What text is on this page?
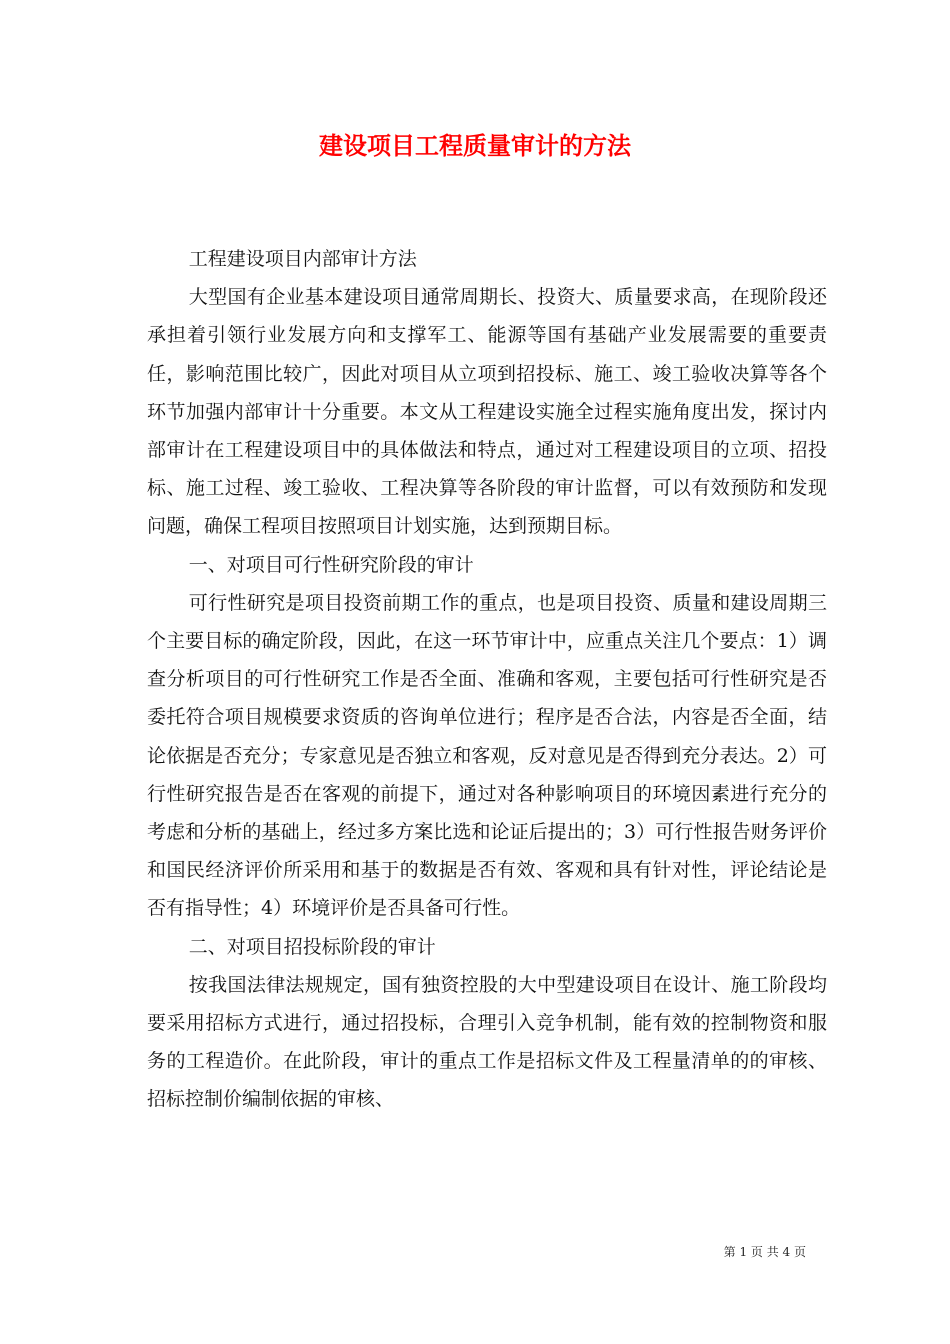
建设项目工程质量审计的方法

工程建设项目内部审计方法

大型国有企业基本建设项目通常周期长、投资大、质量要求高，在现阶段还承担着引领行业发展方向和支撑军工、能源等国有基础产业发展需要的重要责任，影响范围比较广，因此对项目从立项到招投标、施工、竣工验收决算等各个环节加强内部审计十分重要。本文从工程建设实施全过程实施角度出发，探讨内部审计在工程建设项目中的具体做法和特点，通过对工程建设项目的立项、招投标、施工过程、竣工验收、工程决算等各阶段的审计监督，可以有效预防和发现问题，确保工程项目按照项目计划实施，达到预期目标。

一、对项目可行性研究阶段的审计

可行性研究是项目投资前期工作的重点，也是项目投资、质量和建设周期三个主要目标的确定阶段，因此，在这一环节审计中，应重点关注几个要点：1）调查分析项目的可行性研究工作是否全面、准确和客观，主要包括可行性研究是否委托符合项目规模要求资质的咨询单位进行；程序是否合法，内容是否全面，结论依据是否充分；专家意见是否独立和客观，反对意见是否得到充分表达。2）可行性研究报告是否在客观的前提下，通过对各种影响项目的环境因素进行充分的考虑和分析的基础上，经过多方案比选和论证后提出的；3）可行性报告财务评价和国民经济评价所采用和基于的数据是否有效、客观和具有针对性，评论结论是否有指导性；4）环境评价是否具备可行性。

二、对项目招投标阶段的审计

按我国法律法规规定，国有独资控股的大中型建设项目在设计、施工阶段均要采用招标方式进行，通过招投标，合理引入竞争机制，能有效的控制物资和服务的工程造价。在此阶段，审计的重点工作是招标文件及工程量清单的的审核、招标控制价编制依据的审核、

第 1 页 共 4 页
